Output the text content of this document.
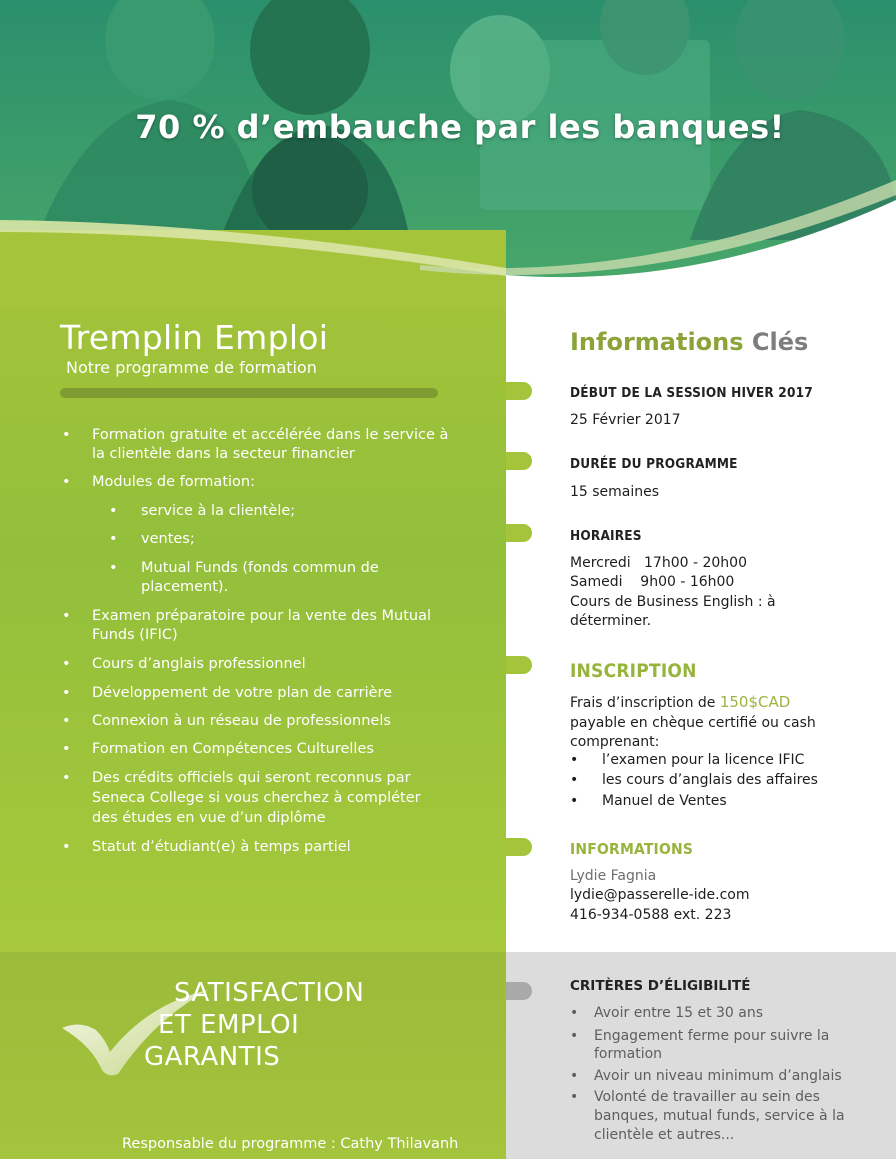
70 % d’embauche par les banques!
Tremplin Emploi
Notre programme de formation
• Formation gratuite et accélérée dans le service à
la clientèle dans la secteur financier
• Modules de formation:
• service à la clientèle;
• ventes;
• Mutual Funds (fonds commun de
placement).
• Examen préparatoire pour la vente des Mutual
Funds (IFIC)
• Cours d’anglais professionnel
• Développement de votre plan de carrière
• Connexion à un réseau de professionnels
• Formation en Compétences Culturelles
• Des crédits officiels qui seront reconnus par
Seneca College si vous cherchez à compléter
des études en vue d’un diplôme
• Statut d’étudiant(e) à temps partiel
SATISFACTION
ET EMPLOI
GARANTIS
Responsable du programme : Cathy Thilavanh
Informations Clés
DÉBUT DE LA SESSION HIVER 2017
25 Février 2017
DURÉE DU PROGRAMME
15 semaines
HORAIRES
Mercredi   17h00 - 20h00
Samedi    9h00 - 16h00
Cours de Business English : à
déterminer.
INSCRIPTION
Frais d’inscription de 150$CAD
payable en chèque certifié ou cash
comprenant:
• l’examen pour la licence IFIC
• les cours d’anglais des affaires
• Manuel de Ventes
INFORMATIONS
Lydie Fagnia
lydie@passerelle-ide.com
416-934-0588 ext. 223
CRITÈRES D’ÉLIGIBILITÉ
• Avoir entre 15 et 30 ans
• Engagement ferme pour suivre la
formation
• Avoir un niveau minimum d’anglais
• Volonté de travailler au sein des
banques, mutual funds, service à la
clientèle et autres...
